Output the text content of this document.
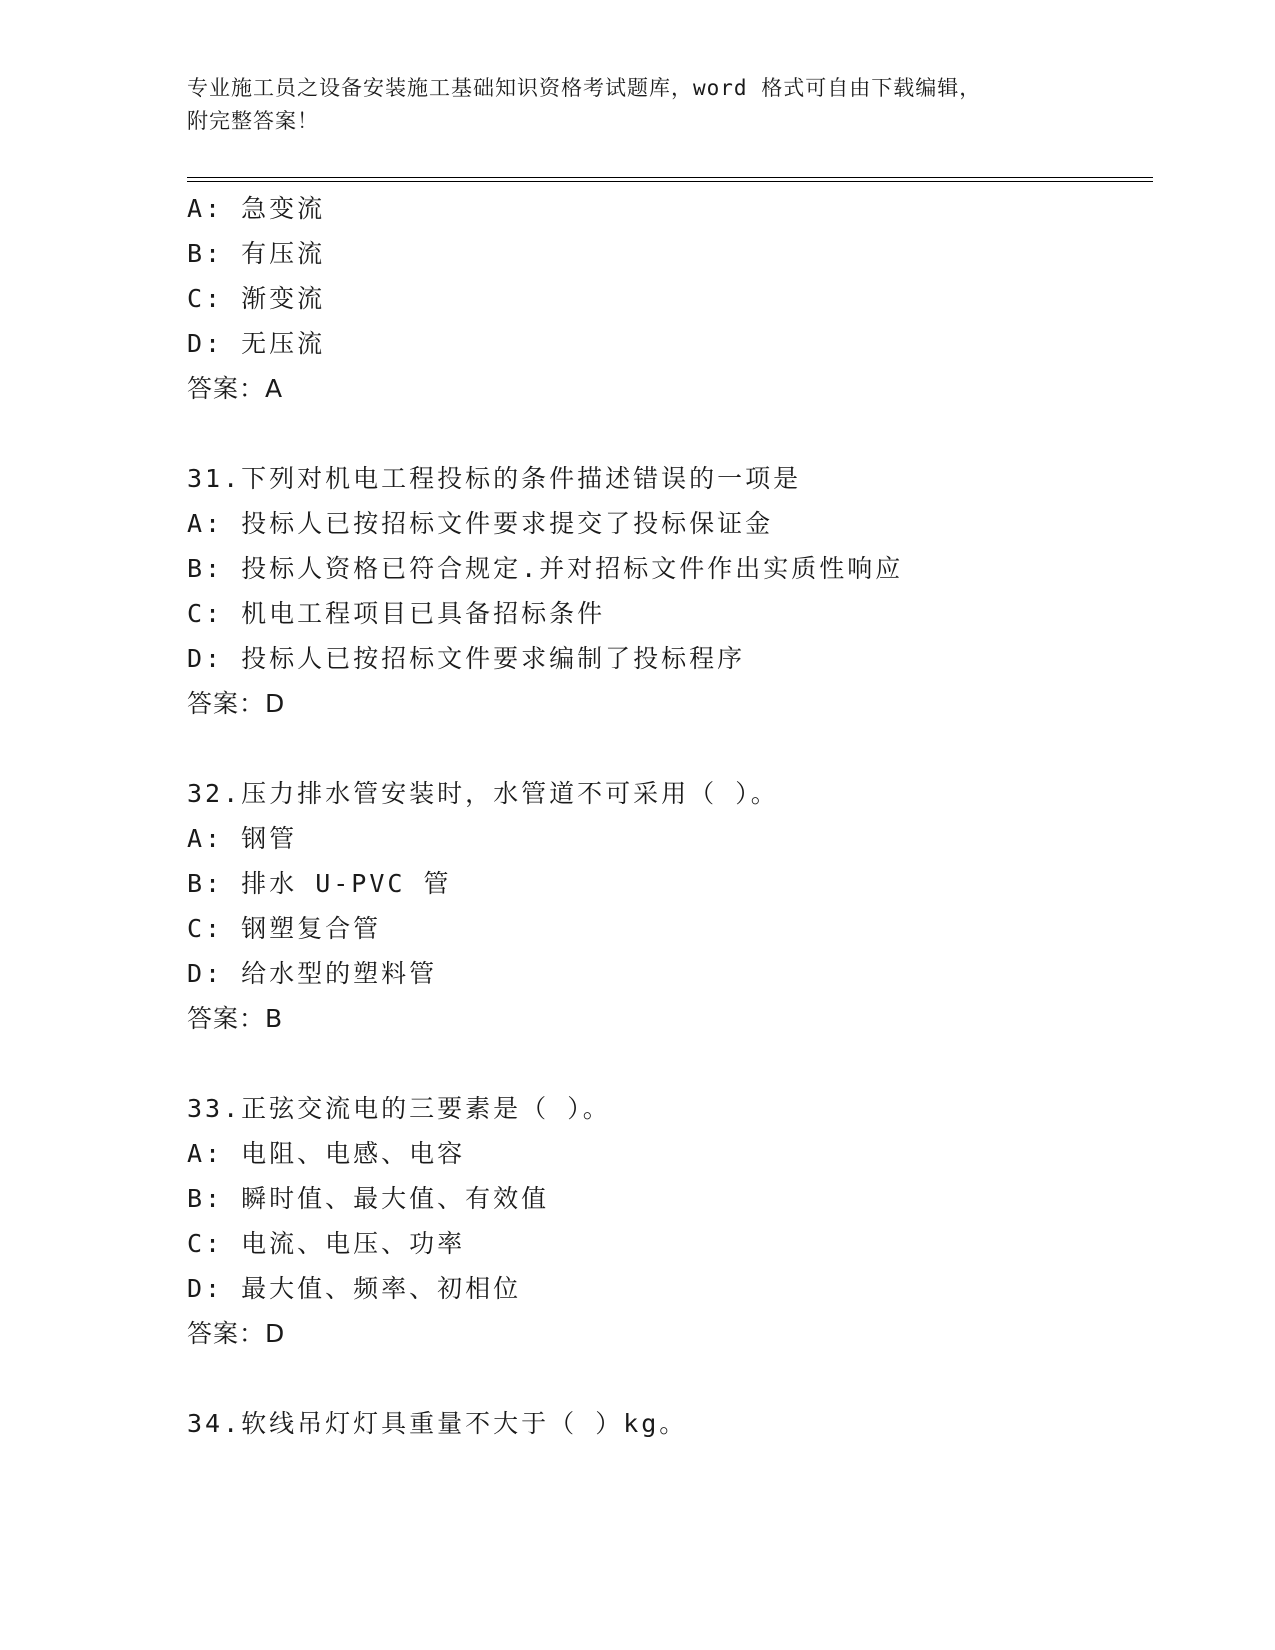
专业施工员之设备安装施工基础知识资格考试题库，word 格式可自由下载编辑，
附完整答案！
A: 急变流
B: 有压流
C: 渐变流
D: 无压流
答案：A
31.下列对机电工程投标的条件描述错误的一项是
A: 投标人已按招标文件要求提交了投标保证金
B: 投标人资格已符合规定.并对招标文件作出实质性响应
C: 机电工程项目已具备招标条件
D: 投标人已按招标文件要求编制了投标程序
答案：D
32.压力排水管安装时，水管道不可采用（ ）。
A: 钢管
B: 排水 U-PVC 管
C: 钢塑复合管
D: 给水型的塑料管
答案：B
33.正弦交流电的三要素是（ ）。
A: 电阻、电感、电容
B: 瞬时值、最大值、有效值
C: 电流、电压、功率
D: 最大值、频率、初相位
答案：D
34.软线吊灯灯具重量不大于（ ）kg。
